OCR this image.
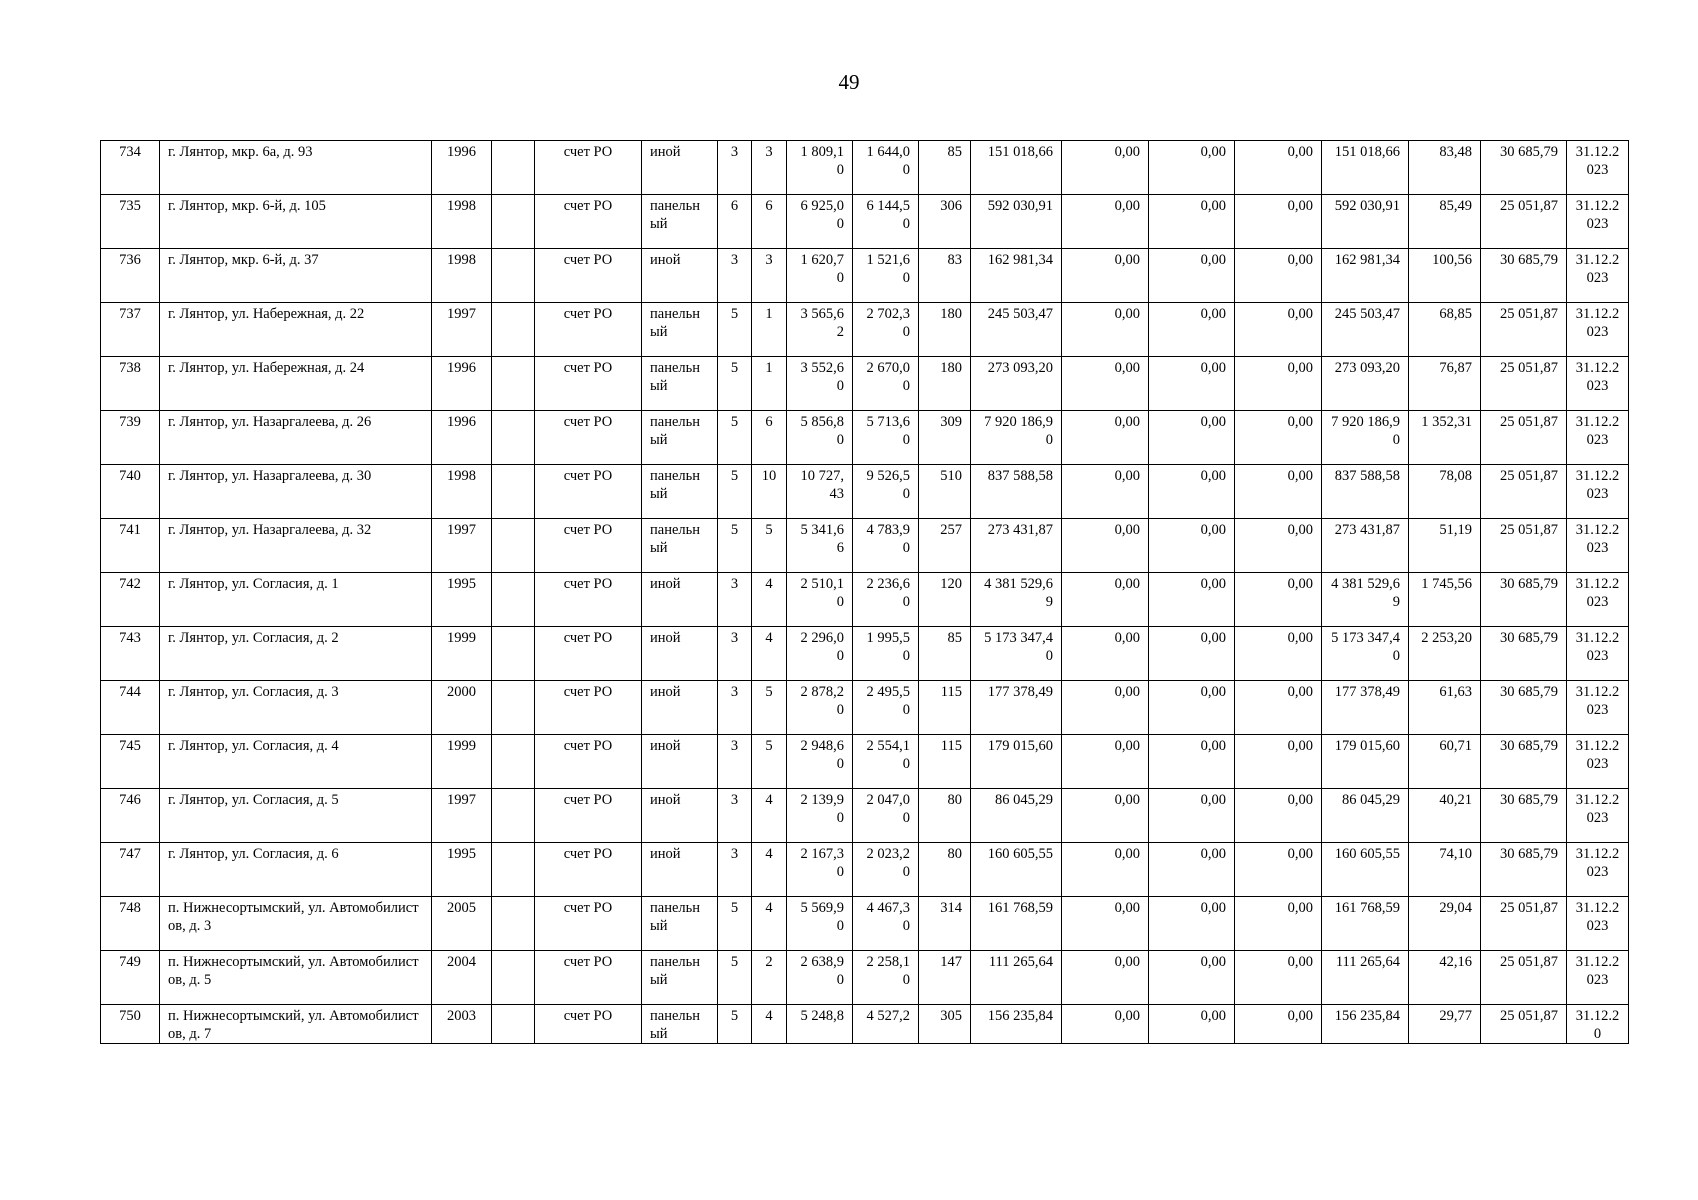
49
734	г. Лянтор, мкр. 6а, д. 93	1996		счет РО	иной	3	3	1 809,10	1 644,00	85	151 018,66	0,00	0,00	0,00	151 018,66	83,48	30 685,79	31.12.2023
735	г. Лянтор, мкр. 6-й, д. 105	1998		счет РО	панельный	6	6	6 925,00	6 144,50	306	592 030,91	0,00	0,00	0,00	592 030,91	85,49	25 051,87	31.12.2023
736	г. Лянтор, мкр. 6-й, д. 37	1998		счет РО	иной	3	3	1 620,70	1 521,60	83	162 981,34	0,00	0,00	0,00	162 981,34	100,56	30 685,79	31.12.2023
737	г. Лянтор, ул. Набережная, д. 22	1997		счет РО	панельный	5	1	3 565,62	2 702,30	180	245 503,47	0,00	0,00	0,00	245 503,47	68,85	25 051,87	31.12.2023
738	г. Лянтор, ул. Набережная, д. 24	1996		счет РО	панельный	5	1	3 552,60	2 670,00	180	273 093,20	0,00	0,00	0,00	273 093,20	76,87	25 051,87	31.12.2023
739	г. Лянтор, ул. Назаргалеева, д. 26	1996		счет РО	панельный	5	6	5 856,80	5 713,60	309	7 920 186,90	0,00	0,00	0,00	7 920 186,90	1 352,31	25 051,87	31.12.2023
740	г. Лянтор, ул. Назаргалеева, д. 30	1998		счет РО	панельный	5	10	10 727,43	9 526,50	510	837 588,58	0,00	0,00	0,00	837 588,58	78,08	25 051,87	31.12.2023
741	г. Лянтор, ул. Назаргалеева, д. 32	1997		счет РО	панельный	5	5	5 341,66	4 783,90	257	273 431,87	0,00	0,00	0,00	273 431,87	51,19	25 051,87	31.12.2023
742	г. Лянтор, ул. Согласия, д. 1	1995		счет РО	иной	3	4	2 510,10	2 236,60	120	4 381 529,69	0,00	0,00	0,00	4 381 529,69	1 745,56	30 685,79	31.12.2023
743	г. Лянтор, ул. Согласия, д. 2	1999		счет РО	иной	3	4	2 296,00	1 995,50	85	5 173 347,40	0,00	0,00	0,00	5 173 347,40	2 253,20	30 685,79	31.12.2023
744	г. Лянтор, ул. Согласия, д. 3	2000		счет РО	иной	3	5	2 878,20	2 495,50	115	177 378,49	0,00	0,00	0,00	177 378,49	61,63	30 685,79	31.12.2023
745	г. Лянтор, ул. Согласия, д. 4	1999		счет РО	иной	3	5	2 948,60	2 554,10	115	179 015,60	0,00	0,00	0,00	179 015,60	60,71	30 685,79	31.12.2023
746	г. Лянтор, ул. Согласия, д. 5	1997		счет РО	иной	3	4	2 139,90	2 047,00	80	86 045,29	0,00	0,00	0,00	86 045,29	40,21	30 685,79	31.12.2023
747	г. Лянтор, ул. Согласия, д. 6	1995		счет РО	иной	3	4	2 167,30	2 023,20	80	160 605,55	0,00	0,00	0,00	160 605,55	74,10	30 685,79	31.12.2023
748	п. Нижнесортымский, ул. Автомобилистов, д. 3	2005		счет РО	панельный	5	4	5 569,90	4 467,30	314	161 768,59	0,00	0,00	0,00	161 768,59	29,04	25 051,87	31.12.2023
749	п. Нижнесортымский, ул. Автомобилистов, д. 5	2004		счет РО	панельный	5	2	2 638,90	2 258,10	147	111 265,64	0,00	0,00	0,00	111 265,64	42,16	25 051,87	31.12.2023
750	п. Нижнесортымский, ул. Автомобилистов, д. 7	2003		счет РО	панельный	5	4	5 248,8	4 527,2	305	156 235,84	0,00	0,00	0,00	156 235,84	29,77	25 051,87	31.12.20
